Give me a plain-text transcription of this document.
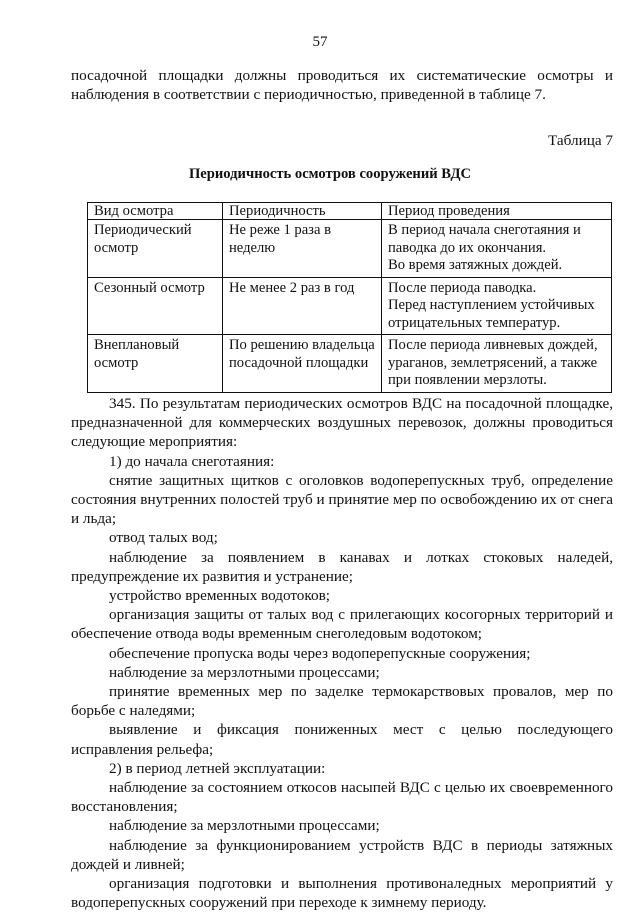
57
посадочной площадки должны проводиться их систематические осмотры и наблюдения в соответствии с периодичностью, приведенной в таблице 7.
Таблица 7
Периодичность осмотров сооружений ВДС
Вид осмотра	Периодичность	Период проведения
Периодический осмотр	Не реже 1 раза в неделю	В период начала снеготаяния и паводка до их окончания.
Во время затяжных дождей.

Сезонный осмотр	Не менее 2 раз в год	После периода паводка.
Перед наступлением устойчивых отрицательных температур.

Внеплановый осмотр	По решению владельца посадочной площадки	После периода ливневых дождей, ураганов, землетрясений, а также при появлении мерзлоты.

345. По результатам периодических осмотров ВДС на посадочной площадке, предназначенной для коммерческих воздушных перевозок, должны проводиться следующие мероприятия:

1) до начала снеготаяния:

снятие защитных щитков с оголовков водоперепускных труб, определение состояния внутренних полостей труб и принятие мер по освобождению их от снега и льда;

отвод талых вод;

наблюдение за появлением в канавах и лотках стоковых наледей, предупреждение их развития и устранение;

устройство временных водотоков;

организация защиты от талых вод с прилегающих косогорных территорий и обеспечение отвода воды временным снеголедовым водотоком;

обеспечение пропуска воды через водоперепускные сооружения;

наблюдение за мерзлотными процессами;

принятие временных мер по заделке термокарствовых провалов, мер по борьбе с наледями;

выявление и фиксация пониженных мест с целью последующего исправления рельефа;

2) в период летней эксплуатации:

наблюдение за состоянием откосов насыпей ВДС с целью их своевременного восстановления;

наблюдение за мерзлотными процессами;

наблюдение за функционированием устройств ВДС в периоды затяжных дождей и ливней;

организация подготовки и выполнения противоналедных мероприятий у водоперепускных сооружений при переходе к зимнему периоду.
